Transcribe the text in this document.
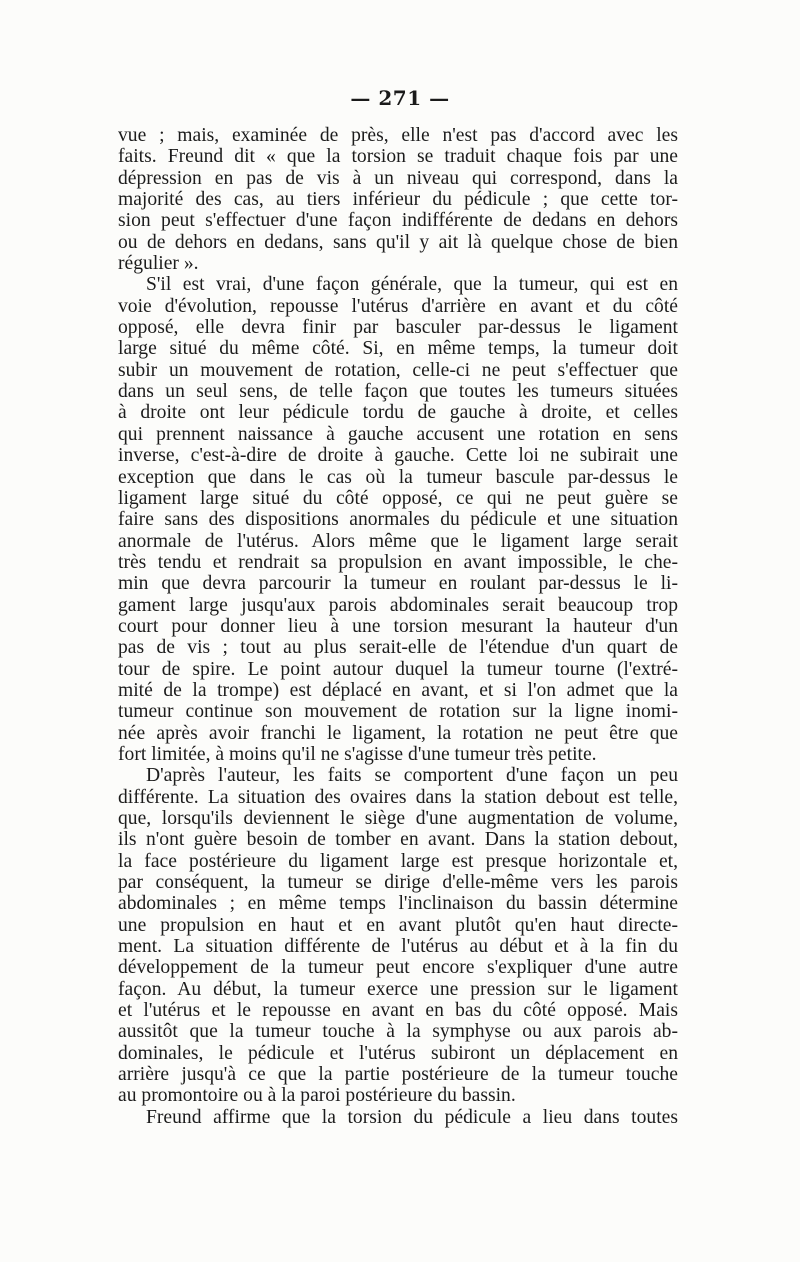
— 271 —
vue ; mais, examinée de près, elle n'est pas d'accord avec les
faits. Freund dit « que la torsion se traduit chaque fois par une
dépression en pas de vis à un niveau qui correspond, dans la
majorité des cas, au tiers inférieur du pédicule ; que cette tor-
sion peut s'effectuer d'une façon indifférente de dedans en dehors
ou de dehors en dedans, sans qu'il y ait là quelque chose de bien
régulier ».
S'il est vrai, d'une façon générale, que la tumeur, qui est en
voie d'évolution, repousse l'utérus d'arrière en avant et du côté
opposé, elle devra finir par basculer par-dessus le ligament
large situé du même côté. Si, en même temps, la tumeur doit
subir un mouvement de rotation, celle-ci ne peut s'effectuer que
dans un seul sens, de telle façon que toutes les tumeurs situées
à droite ont leur pédicule tordu de gauche à droite, et celles
qui prennent naissance à gauche accusent une rotation en sens
inverse, c'est-à-dire de droite à gauche. Cette loi ne subirait une
exception que dans le cas où la tumeur bascule par-dessus le
ligament large situé du côté opposé, ce qui ne peut guère se
faire sans des dispositions anormales du pédicule et une situation
anormale de l'utérus. Alors même que le ligament large serait
très tendu et rendrait sa propulsion en avant impossible, le che-
min que devra parcourir la tumeur en roulant par-dessus le li-
gament large jusqu'aux parois abdominales serait beaucoup trop
court pour donner lieu à une torsion mesurant la hauteur d'un
pas de vis ; tout au plus serait-elle de l'étendue d'un quart de
tour de spire. Le point autour duquel la tumeur tourne (l'extré-
mité de la trompe) est déplacé en avant, et si l'on admet que la
tumeur continue son mouvement de rotation sur la ligne inomi-
née après avoir franchi le ligament, la rotation ne peut être que
fort limitée, à moins qu'il ne s'agisse d'une tumeur très petite.
D'après l'auteur, les faits se comportent d'une façon un peu
différente. La situation des ovaires dans la station debout est telle,
que, lorsqu'ils deviennent le siège d'une augmentation de volume,
ils n'ont guère besoin de tomber en avant. Dans la station debout,
la face postérieure du ligament large est presque horizontale et,
par conséquent, la tumeur se dirige d'elle-même vers les parois
abdominales ; en même temps l'inclinaison du bassin détermine
une propulsion en haut et en avant plutôt qu'en haut directe-
ment. La situation différente de l'utérus au début et à la fin du
développement de la tumeur peut encore s'expliquer d'une autre
façon. Au début, la tumeur exerce une pression sur le ligament
et l'utérus et le repousse en avant en bas du côté opposé. Mais
aussitôt que la tumeur touche à la symphyse ou aux parois ab-
dominales, le pédicule et l'utérus subiront un déplacement en
arrière jusqu'à ce que la partie postérieure de la tumeur touche
au promontoire ou à la paroi postérieure du bassin.
Freund affirme que la torsion du pédicule a lieu dans toutes
